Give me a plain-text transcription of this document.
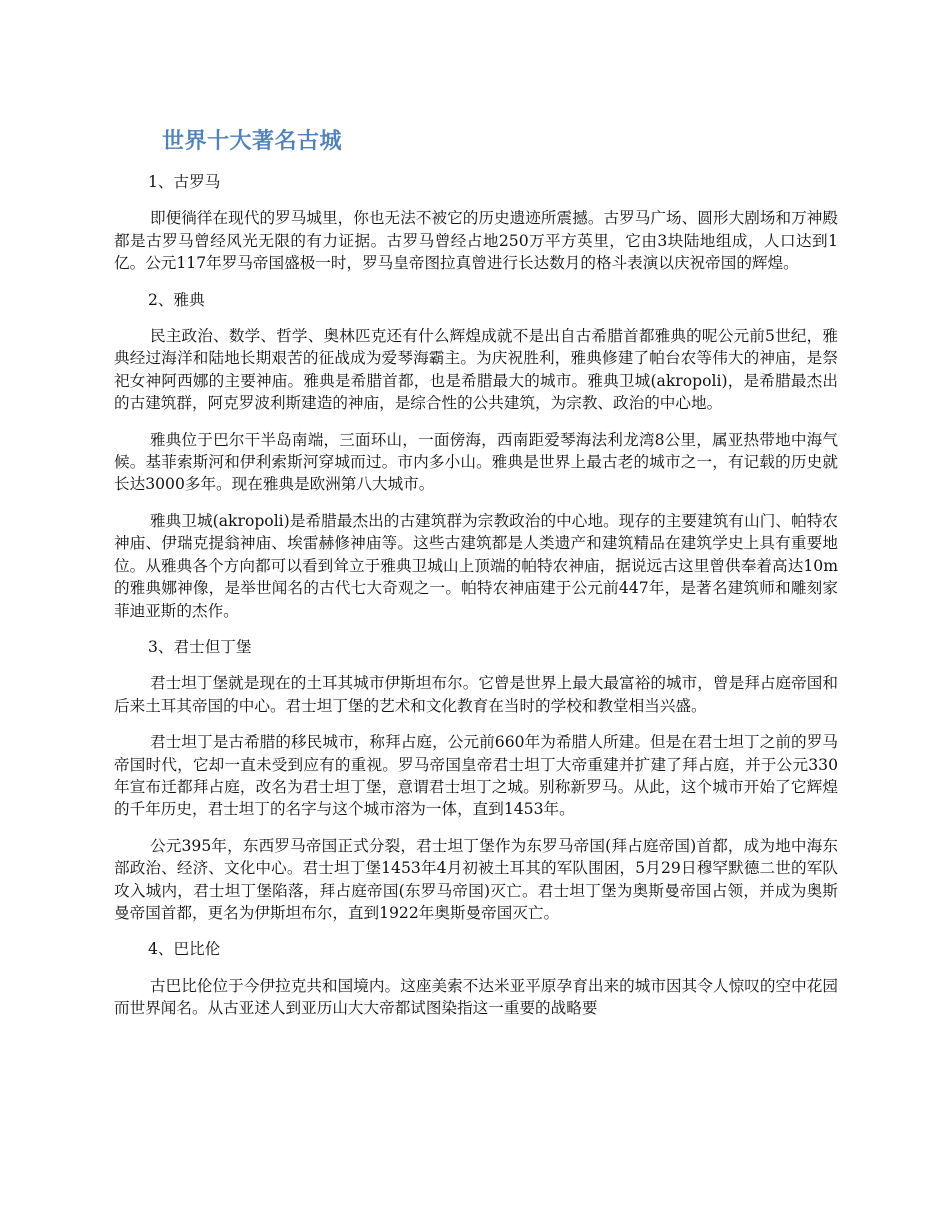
世界十大著名古城

1、古罗马

即便徜徉在现代的罗马城里，你也无法不被它的历史遗迹所震撼。古罗马广场、圆形大剧场和万神殿都是古罗马曾经风光无限的有力证据。古罗马曾经占地250万平方英里，它由3块陆地组成，人口达到1亿。公元117年罗马帝国盛极一时，罗马皇帝图拉真曾进行长达数月的格斗表演以庆祝帝国的辉煌。

2、雅典

民主政治、数学、哲学、奥林匹克还有什么辉煌成就不是出自古希腊首都雅典的呢公元前5世纪，雅典经过海洋和陆地长期艰苦的征战成为爱琴海霸主。为庆祝胜利，雅典修建了帕台农等伟大的神庙，是祭祀女神阿西娜的主要神庙。雅典是希腊首都，也是希腊最大的城市。雅典卫城(akropoli)，是希腊最杰出的古建筑群，阿克罗波利斯建造的神庙，是综合性的公共建筑，为宗教、政治的中心地。

雅典位于巴尔干半岛南端，三面环山，一面傍海，西南距爱琴海法利龙湾8公里，属亚热带地中海气候。基菲索斯河和伊利索斯河穿城而过。市内多小山。雅典是世界上最古老的城市之一，有记载的历史就长达3000多年。现在雅典是欧洲第八大城市。

雅典卫城(akropoli)是希腊最杰出的古建筑群为宗教政治的中心地。现存的主要建筑有山门、帕特农神庙、伊瑞克提翁神庙、埃雷赫修神庙等。这些古建筑都是人类遗产和建筑精品在建筑学史上具有重要地位。从雅典各个方向都可以看到耸立于雅典卫城山上顶端的帕特农神庙，据说远古这里曾供奉着高达10m的雅典娜神像，是举世闻名的古代七大奇观之一。帕特农神庙建于公元前447年，是著名建筑师和雕刻家菲迪亚斯的杰作。

3、君士但丁堡

君士坦丁堡就是现在的土耳其城市伊斯坦布尔。它曾是世界上最大最富裕的城市，曾是拜占庭帝国和后来土耳其帝国的中心。君士坦丁堡的艺术和文化教育在当时的学校和教堂相当兴盛。

君士坦丁是古希腊的移民城市，称拜占庭，公元前660年为希腊人所建。但是在君士坦丁之前的罗马帝国时代，它却一直未受到应有的重视。罗马帝国皇帝君士坦丁大帝重建并扩建了拜占庭，并于公元330年宣布迁都拜占庭，改名为君士坦丁堡，意谓君士坦丁之城。别称新罗马。从此，这个城市开始了它辉煌的千年历史，君士坦丁的名字与这个城市溶为一体，直到1453年。

公元395年，东西罗马帝国正式分裂，君士坦丁堡作为东罗马帝国(拜占庭帝国)首都，成为地中海东部政治、经济、文化中心。君士坦丁堡1453年4月初被土耳其的军队围困，5月29日穆罕默德二世的军队攻入城内，君士坦丁堡陷落，拜占庭帝国(东罗马帝国)灭亡。君士坦丁堡为奥斯曼帝国占领，并成为奥斯曼帝国首都，更名为伊斯坦布尔，直到1922年奥斯曼帝国灭亡。

4、巴比伦

古巴比伦位于今伊拉克共和国境内。这座美索不达米亚平原孕育出来的城市因其令人惊叹的空中花园而世界闻名。从古亚述人到亚历山大大帝都试图染指这一重要的战略要
